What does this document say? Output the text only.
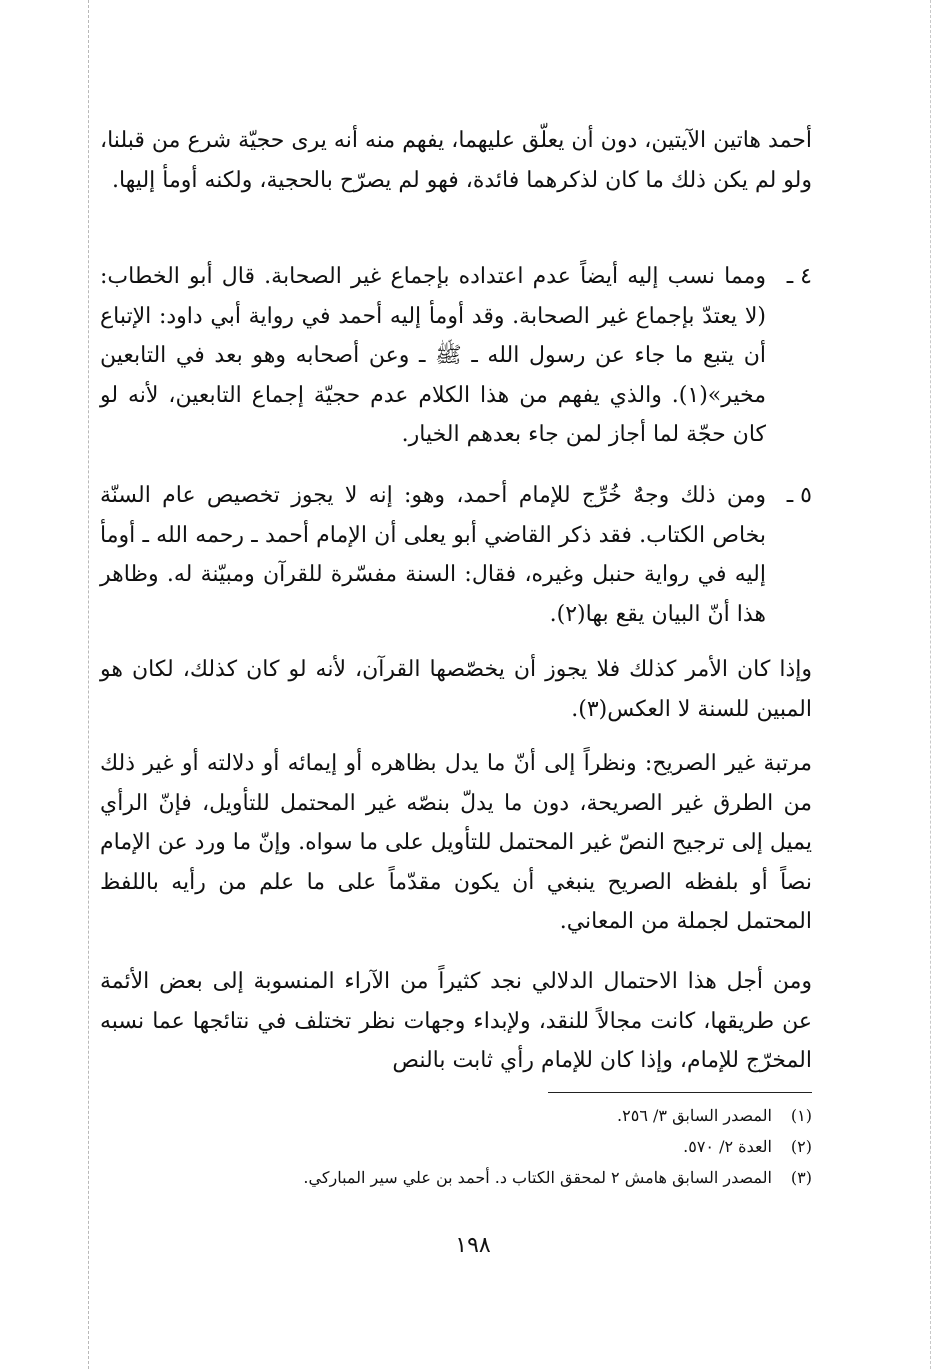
أحمد هاتين الآيتين، دون أن يعلّق عليهما، يفهم منه أنه يرى حجيّة شرع من قبلنا، ولو لم يكن ذلك ما كان لذكرهما فائدة، فهو لم يصرّح بالحجية، ولكنه أومأ إليها.
٤ ـ
ومما نسب إليه أيضاً عدم اعتداده بإجماع غير الصحابة. قال أبو الخطاب: (لا يعتدّ بإجماع غير الصحابة. وقد أومأ إليه أحمد في رواية أبي داود: الإتباع أن يتبع ما جاء عن رسول الله ـ ﷺ ـ وعن أصحابه وهو بعد في التابعين مخير»(١). والذي يفهم من هذا الكلام عدم حجيّة إجماع التابعين، لأنه لو كان حجّة لما أجاز لمن جاء بعدهم الخيار.
٥ ـ
ومن ذلك وجهٌ خُرِّج للإمام أحمد، وهو: إنه لا يجوز تخصيص عام السنّة بخاص الكتاب. فقد ذكر القاضي أبو يعلى أن الإمام أحمد ـ رحمه الله ـ أومأ إليه في رواية حنبل وغيره، فقال: السنة مفسّرة للقرآن ومبيّنة له. وظاهر هذا أنّ البيان يقع بها(٢).
وإذا كان الأمر كذلك فلا يجوز أن يخصّصها القرآن، لأنه لو كان كذلك، لكان هو المبين للسنة لا العكس(٣).
مرتبة غير الصريح: ونظراً إلى أنّ ما يدل بظاهره أو إيمائه أو دلالته أو غير ذلك من الطرق غير الصريحة، دون ما يدلّ بنصّه غير المحتمل للتأويل، فإنّ الرأي يميل إلى ترجيح النصّ غير المحتمل للتأويل على ما سواه. وإنّ ما ورد عن الإمام نصاً أو بلفظه الصريح ينبغي أن يكون مقدّماً على ما علم من رأيه باللفظ المحتمل لجملة من المعاني.
ومن أجل هذا الاحتمال الدلالي نجد كثيراً من الآراء المنسوبة إلى بعض الأئمة عن طريقها، كانت مجالاً للنقد، ولإبداء وجهات نظر تختلف في نتائجها عما نسبه المخرّج للإمام، وإذا كان للإمام رأي ثابت بالنص
(١)
المصدر السابق ٣/ ٢٥٦.
(٢)
العدة ٢/ ٥٧٠.
(٣)
المصدر السابق هامش ٢ لمحقق الكتاب د. أحمد بن علي سير المباركي.
١٩٨
